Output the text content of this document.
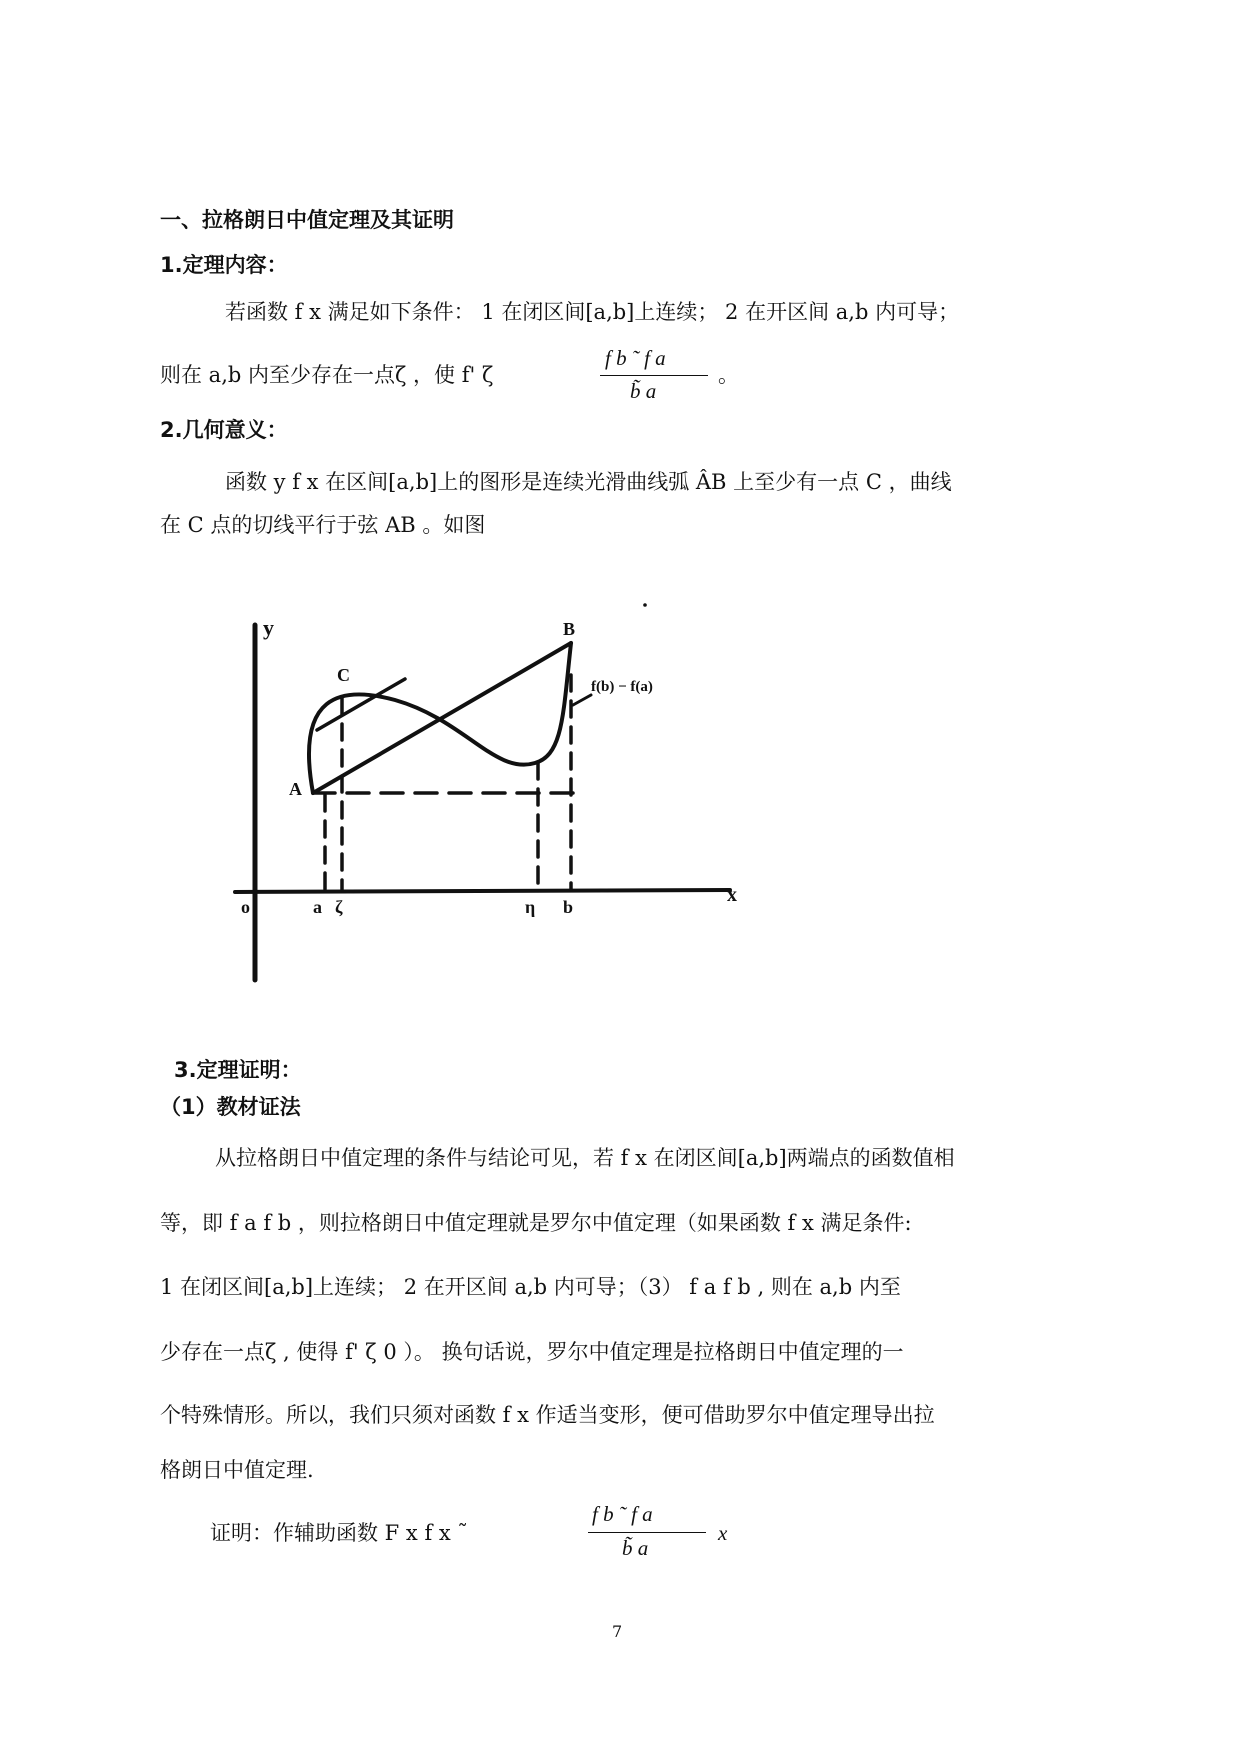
一、拉格朗日中值定理及其证明
1.定理内容：
若函数 f x 满足如下条件： 1 在闭区间[a,b]上连续； 2 在开区间 a,b 内可导；
则在 a,b 内至少存在一点ζ ，使 f' ζ
f b ˜ f a
b̃ a
。
2.几何意义：
函数 y f x 在区间[a,b]上的图形是连续光滑曲线弧 ÂB 上至少有一点 C ，曲线
在 C 点的切线平行于弦 AB 。如图
y
x
o	a ζ	η b
A
B
C
f(b) − f(a)
3.定理证明：
（1）教材证法
从拉格朗日中值定理的条件与结论可见，若 f x 在闭区间[a,b]两端点的函数值相
等，即 f a f b ，则拉格朗日中值定理就是罗尔中值定理（如果函数 f x 满足条件:
1 在闭区间[a,b]上连续； 2 在开区间 a,b 内可导；（3） f a f b , 则在 a,b 内至
少存在一点ζ , 使得 f' ζ 0 ）。 换句话说，罗尔中值定理是拉格朗日中值定理的一
个特殊情形。所以，我们只须对函数 f x 作适当变形，便可借助罗尔中值定理导出拉
格朗日中值定理.
证明：作辅助函数 F x f x ˜
f b ˜ f a
b̃ a
x
7
